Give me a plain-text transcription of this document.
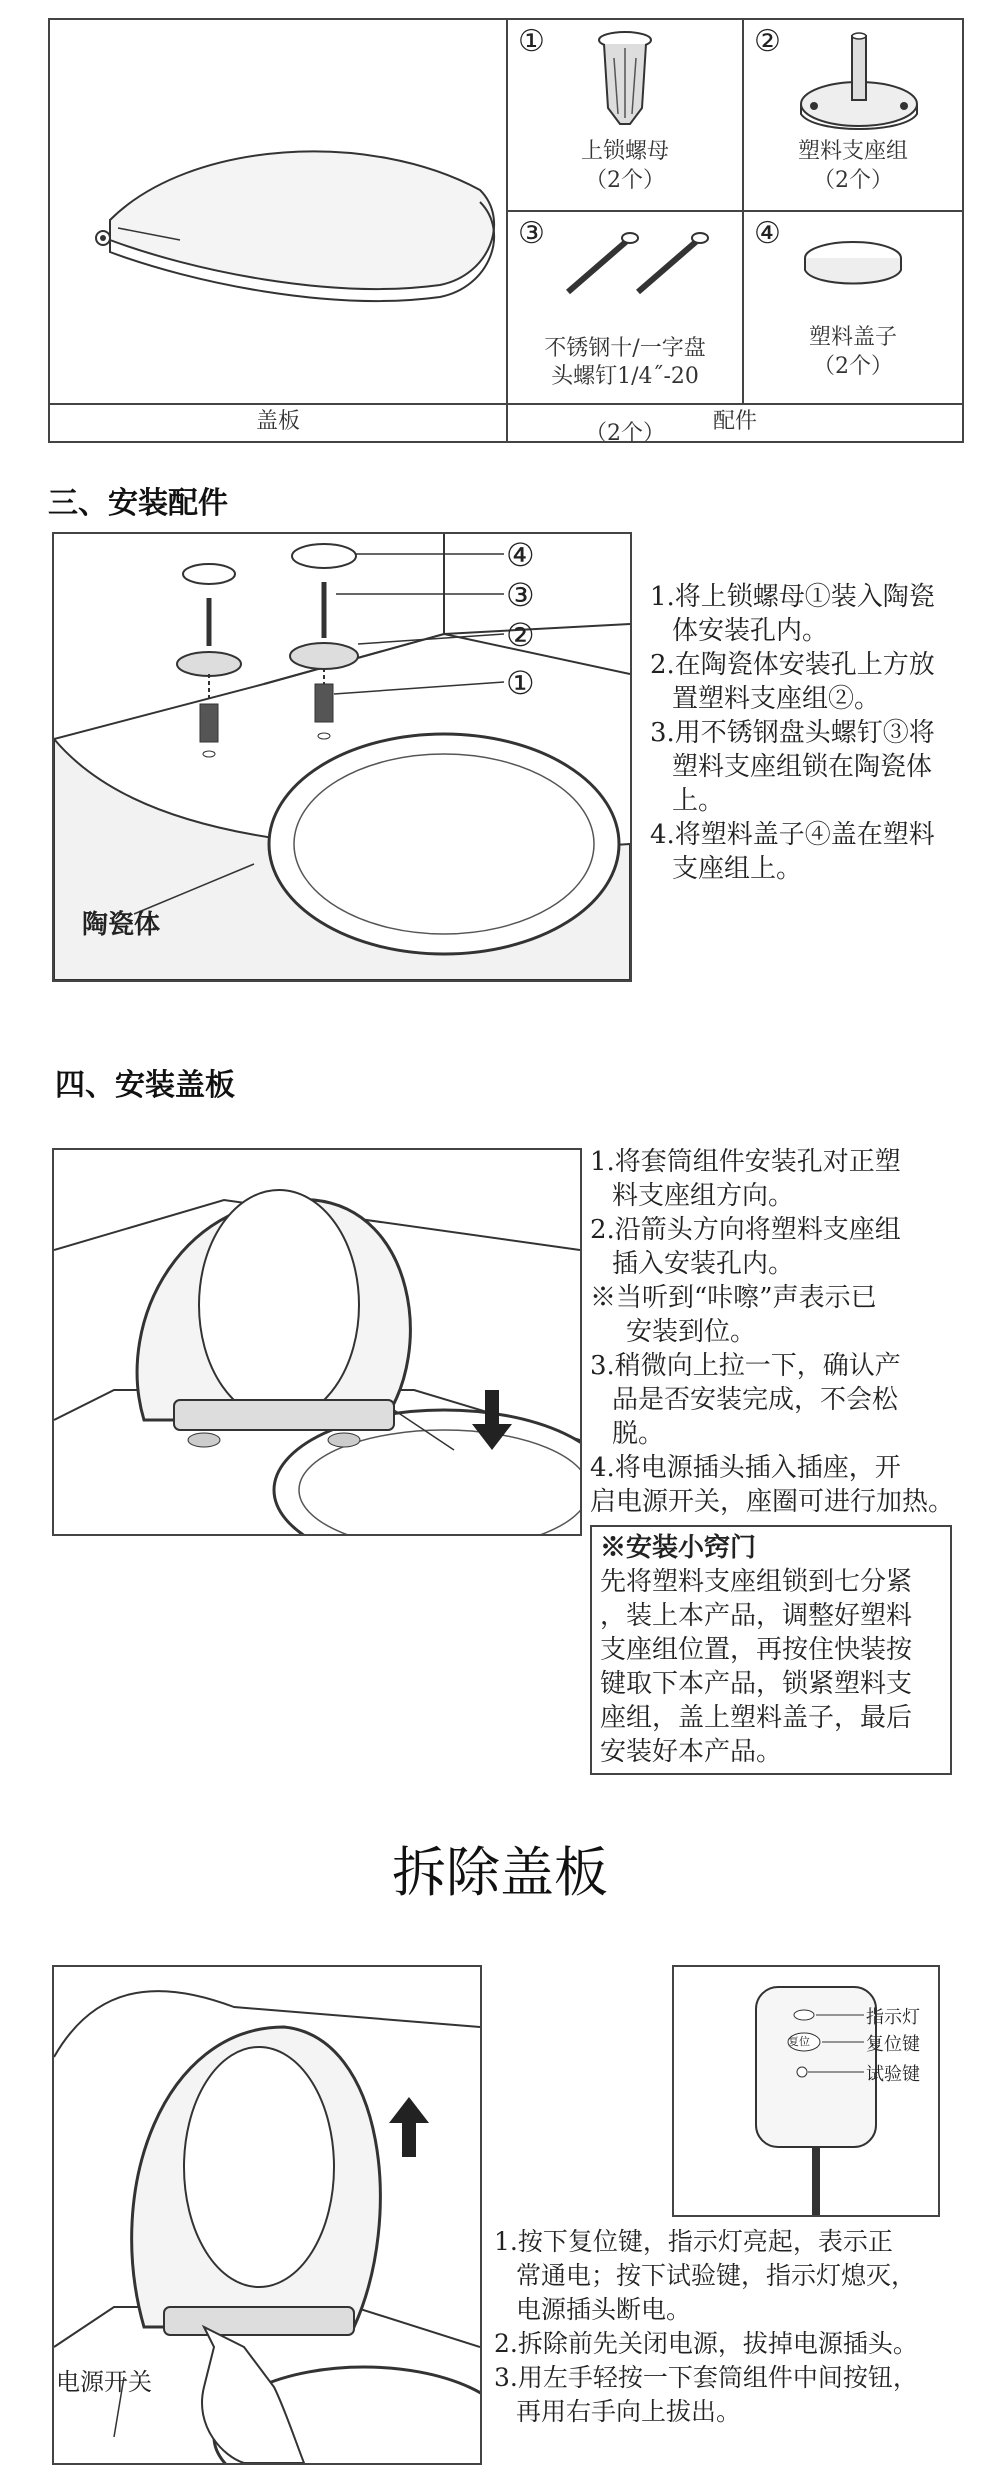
盖板	配件
①
上锁螺母
（2个）
②
塑料支座组
（2个）
③

不锈钢十/一字盘
头螺钉1/4˝-20

（2个）

④
塑料盖子
（2个）
三、安装配件
④
③
②
①
陶瓷体

1.将上锁螺母①装入陶瓷

体安装孔内。

2.在陶瓷体安装孔上方放

置塑料支座组②。

3.用不锈钢盘头螺钉③将

塑料支座组锁在陶瓷体

上。

4.将塑料盖子④盖在塑料

支座组上。

四、安装盖板

1.将套筒组件安装孔对正塑

料支座组方向。

2.沿箭头方向将塑料支座组

插入安装孔内。

※当听到“咔嚓”声表示已

安装到位。

3.稍微向上拉一下，确认产

品是否安装完成，不会松

脱。

4.将电源插头插入插座，开

启电源开关，座圈可进行加热。

※安装小窍门
先将塑料支座组锁到七分紧
，装上本产品，调整好塑料
支座组位置，再按住快装按
键取下本产品，锁紧塑料支
座组，盖上塑料盖子，最后
安装好本产品。
拆除盖板
电源开关
复位
指示灯
复位键
试验键

1.按下复位键，指示灯亮起，表示正

常通电；按下试验键，指示灯熄灭，

电源插头断电。

2.拆除前先关闭电源，拔掉电源插头。

3.用左手轻按一下套筒组件中间按钮，

再用右手向上拔出。
